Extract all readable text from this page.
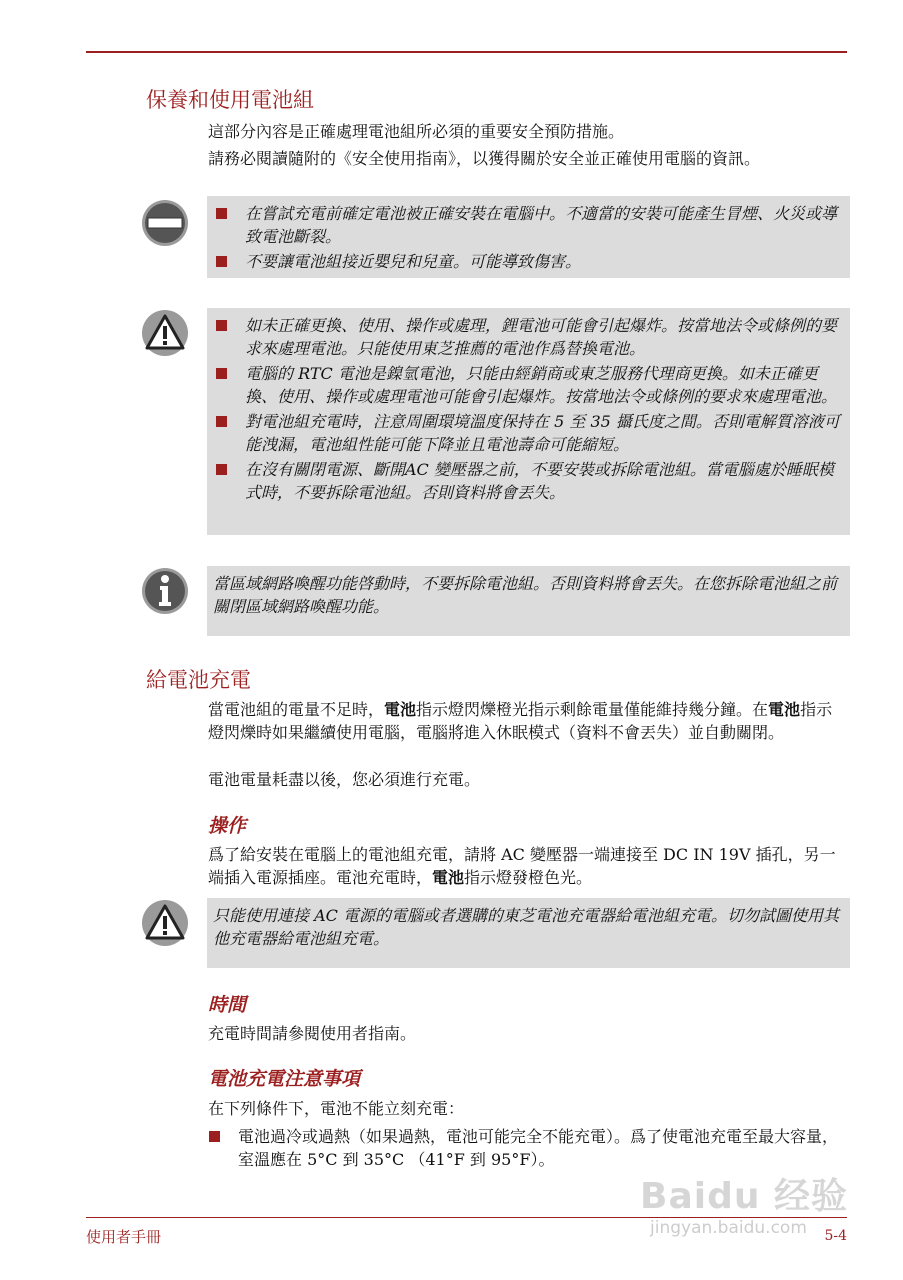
保養和使用電池組

這部分內容是正確處理電池組所必須的重要安全預防措施。

請務必閱讀隨附的《安全使用指南》，以獲得關於安全並正確使用電腦的資訊。

在嘗試充電前確定電池被正確安裝在電腦中。不適當的安裝可能產生冒煙、火災或導致電池斷裂。
不要讓電池組接近嬰兒和兒童。可能導致傷害。
如未正確更換、使用、操作或處理，鋰電池可能會引起爆炸。按當地法令或條例的要求來處理電池。只能使用東芝推薦的電池作爲替換電池。
電腦的 RTC 電池是鎳氫電池，只能由經銷商或東芝服務代理商更換。如未正確更換、使用、操作或處理電池可能會引起爆炸。按當地法令或條例的要求來處理電池。
對電池組充電時，注意周圍環境溫度保持在 5 至 35 攝氏度之間。否則電解質溶液可能洩漏，電池組性能可能下降並且電池壽命可能縮短。
在沒有關閉電源、斷開AC 變壓器之前，不要安裝或拆除電池組。當電腦處於睡眠模式時，不要拆除電池組。否則資料將會丟失。

當區域網路喚醒功能啓動時，不要拆除電池組。否則資料將會丟失。在您拆除電池組之前關閉區域網路喚醒功能。

給電池充電

當電池組的電量不足時，電池指示燈閃爍橙光指示剩餘電量僅能維持幾分鐘。在電池指示燈閃爍時如果繼續使用電腦，電腦將進入休眠模式（資料不會丟失）並自動關閉。

電池電量耗盡以後，您必須進行充電。

操作

爲了給安裝在電腦上的電池組充電，請將 AC 變壓器一端連接至 DC IN 19V 插孔，另一端插入電源插座。電池充電時，電池指示燈發橙色光。

只能使用連接 AC 電源的電腦或者選購的東芝電池充電器給電池組充電。切勿試圖使用其他充電器給電池組充電。

時間

充電時間請參閱使用者指南。

電池充電注意事項

在下列條件下，電池不能立刻充電：

電池過冷或過熱（如果過熱，電池可能完全不能充電）。爲了使電池充電至最大容量，室溫應在 5°C 到 35°C （41°F 到 95°F）。
Baidu 经验
jingyan.baidu.com
使用者手冊	5-4
